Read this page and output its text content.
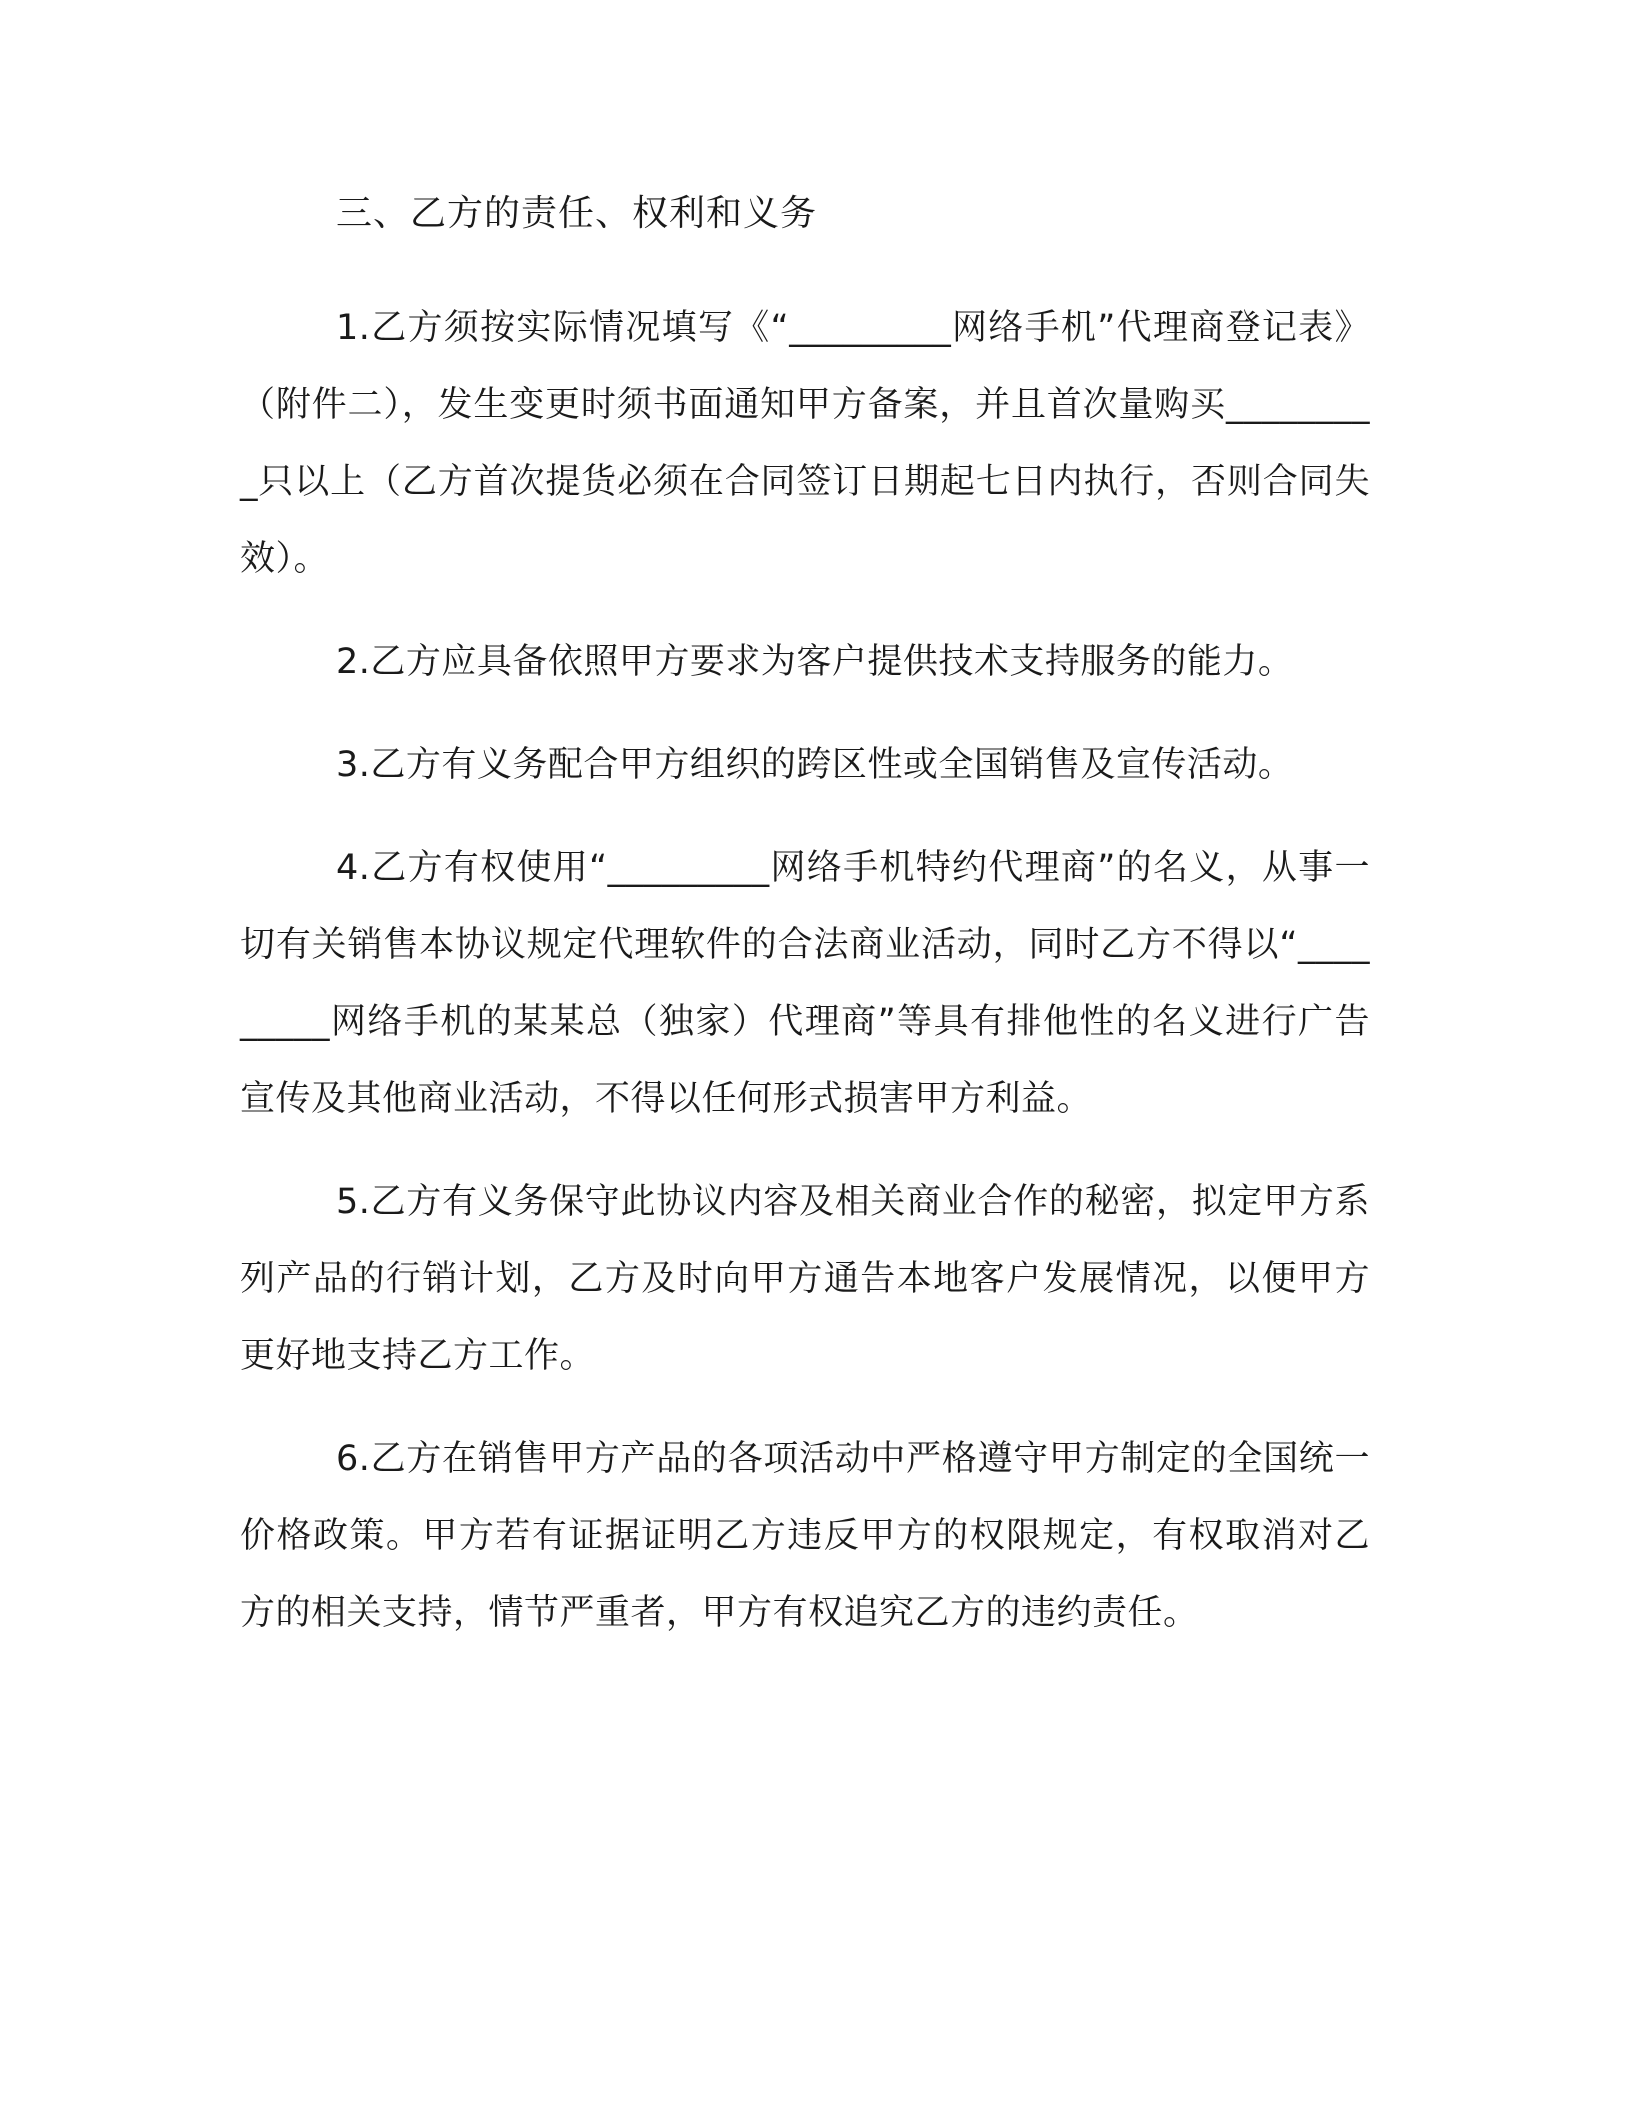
三、乙方的责任、权利和义务

1.乙方须按实际情况填写《“_________网络手机”代理商登记表》（附件二），发生变更时须书面通知甲方备案，并且首次量购买_________只以上（乙方首次提货必须在合同签订日期起七日内执行，否则合同失效）。

2.乙方应具备依照甲方要求为客户提供技术支持服务的能力。

3.乙方有义务配合甲方组织的跨区性或全国销售及宣传活动。

4.乙方有权使用“_________网络手机特约代理商”的名义，从事一切有关销售本协议规定代理软件的合法商业活动，同时乙方不得以“_________网络手机的某某总（独家）代理商”等具有排他性的名义进行广告宣传及其他商业活动，不得以任何形式损害甲方利益。

5.乙方有义务保守此协议内容及相关商业合作的秘密，拟定甲方系列产品的行销计划，乙方及时向甲方通告本地客户发展情况，以便甲方更好地支持乙方工作。

6.乙方在销售甲方产品的各项活动中严格遵守甲方制定的全国统一价格政策。甲方若有证据证明乙方违反甲方的权限规定，有权取消对乙方的相关支持，情节严重者，甲方有权追究乙方的违约责任。
